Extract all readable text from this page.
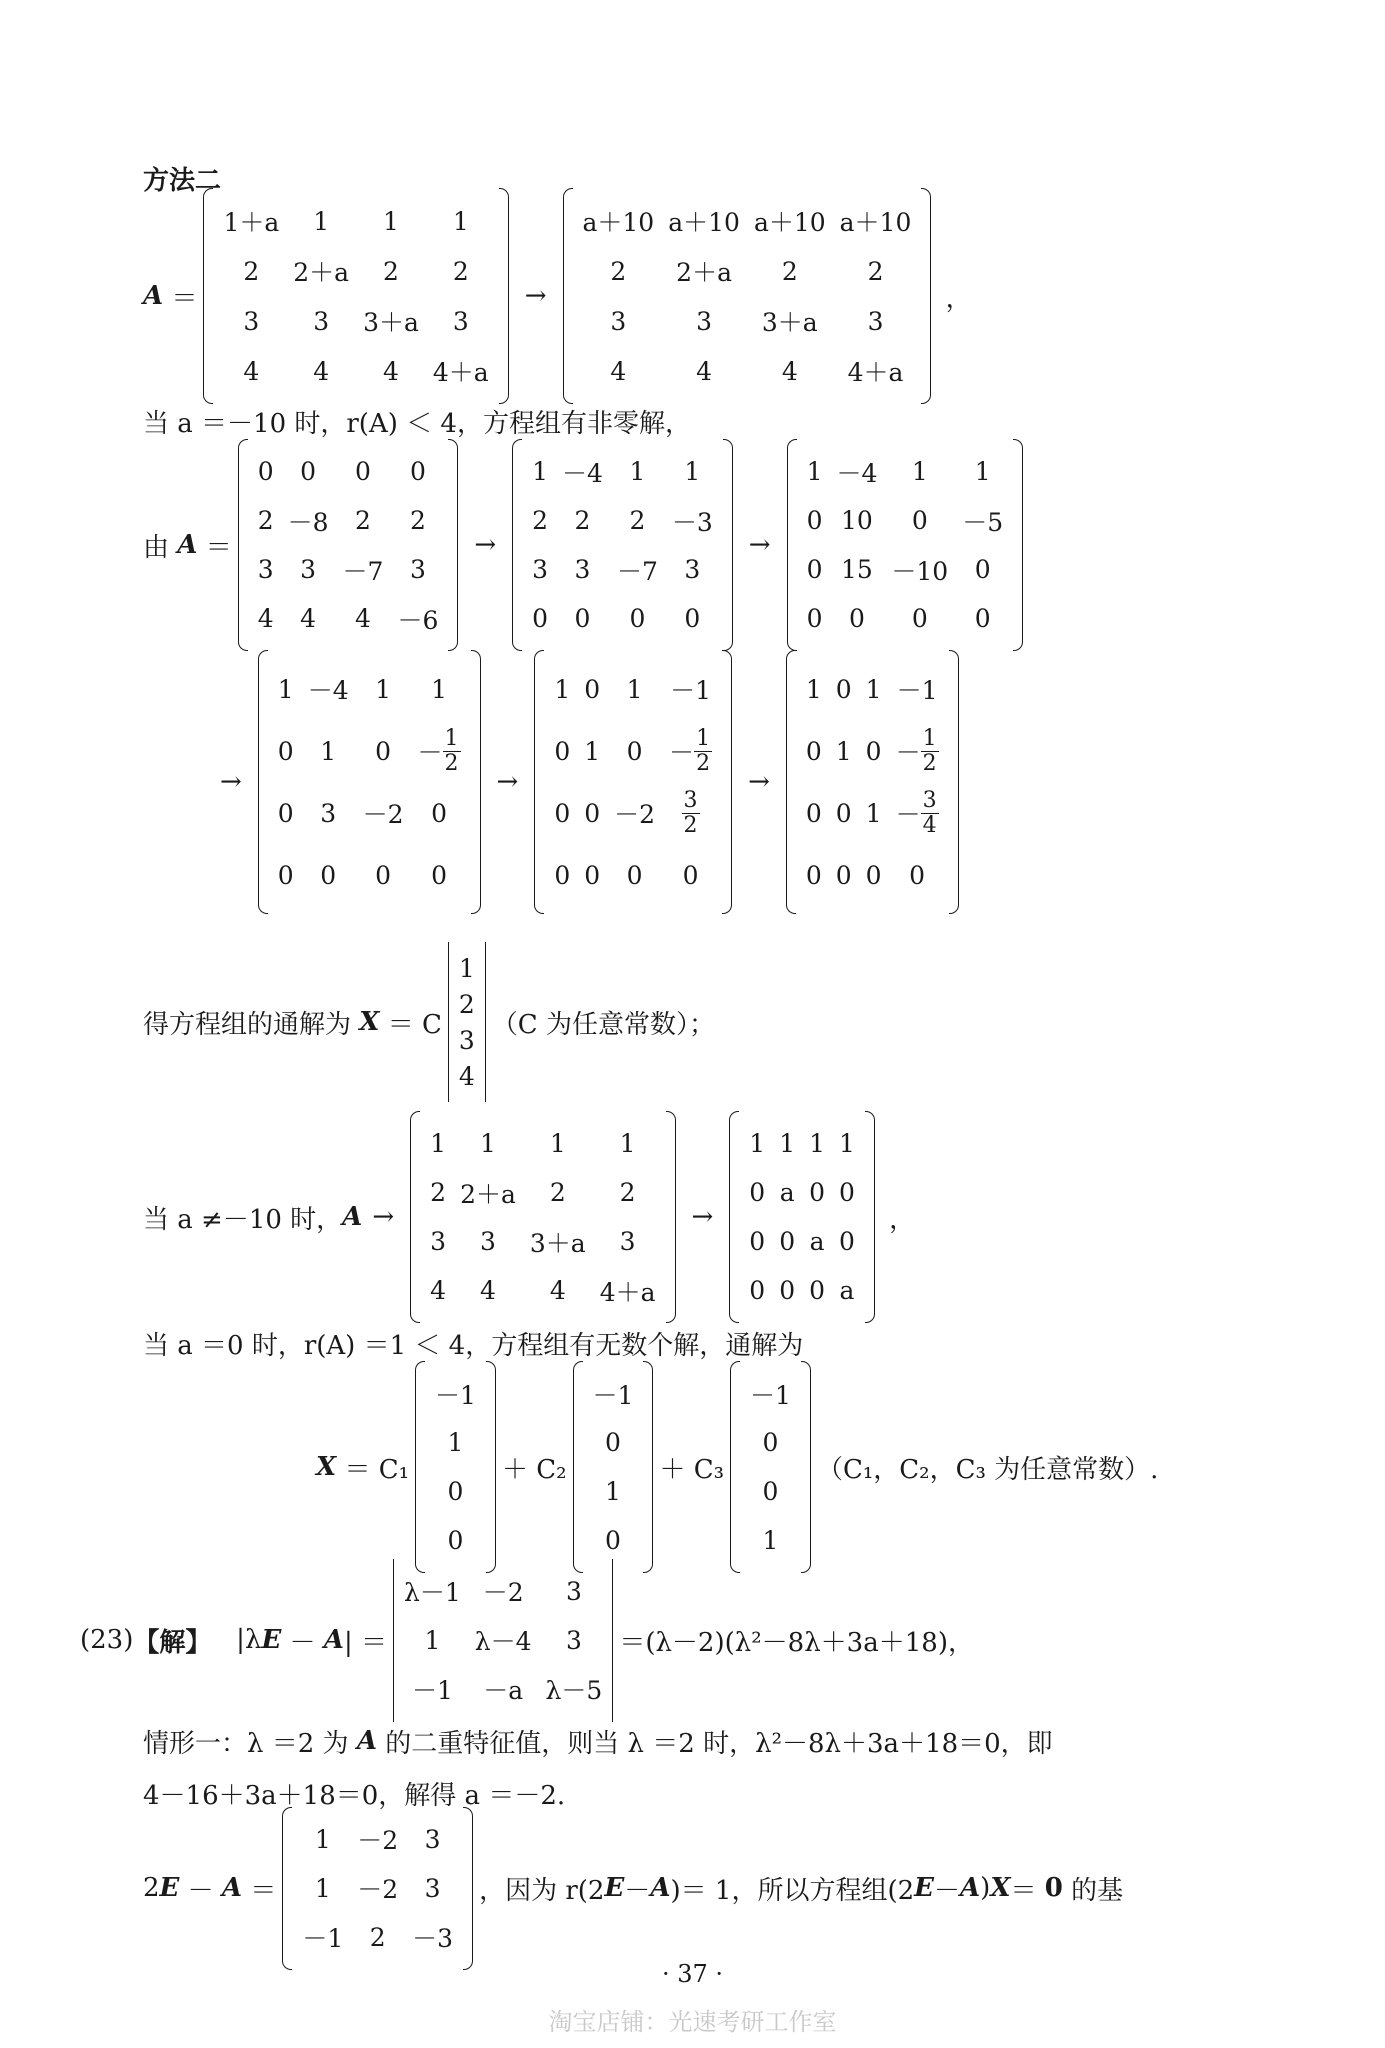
方法二
A ＝
1＋a	1	1	1
2	2＋a	2	2
3	3	3＋a	3
4	4	4	4＋a
→
a＋10 a＋10 a＋10 a＋10
2	2＋a	2	2
3	3	3＋a	3
4	4	4	4＋a
，
当 a ＝－10 时，r(A) ＜ 4，方程组有非零解，
由 A ＝
0	0	0	0
2 －8	2	2
3	3	－7	3
4	4	4	－6
→
1 －4	1	1
2	2	2	－3
3	3	－7	3
0	0	0	0
→
1 －4	1	1
0 10	0	－5
0 15 －10	0
0	0	0	0
→
1 －4	1	1
0	1	0	－ $\frac{1}{2}$
0	3	－2	0
0	0	0	0
→
1 0	1	－1
0 1	0	－ $\frac{1}{2}$
0 $0 -2 \frac{3}{2}$
0 0	0	0
→
1 0 1 －1
0 1 $0 - \frac{1}{2}$
0 0 $1 - \frac{3}{4}$
0 0 0	0
得方程组的通解为 X ＝ C
1
2
3
4
（C 为任意常数）；
当 a ≠－10 时， A →
1	1	1	1
2 2＋a	2	2
3	3	3＋a	3
4	4	4	4＋a
→
1 1 1 1
0 a 0 0
0 0 a 0
0 0 0 a
，
当 a ＝0 时，r(A) ＝1 ＜ 4，方程组有无数个解，通解为
X ＝ C₁
－1
1
0
0
＋ C₂
－1
0
1
0
＋ C₃
－1
0
0
1
（C₁，C₂，C₃ 为任意常数）.
(23) 【解】 |λ E － A | ＝
λ－1 －2	3
1	λ－4	3
－1	－a λ－5
＝(λ－2)(λ²－8λ＋3a＋18)，
情形一：λ ＝2 为 A 的二重特征值，则当 λ ＝2 时，λ²－8λ＋3a＋18＝0，即
4－16＋3a＋18＝0，解得 a ＝－2.
2 E － A ＝
1	－2	3
1	－2	3
－1	2	－3
，因为 r(2 E － A )＝ 1，所以方程组(2 E － A ) X ＝ 0 的基
· 37 ·
淘宝店铺：光速考研工作室
